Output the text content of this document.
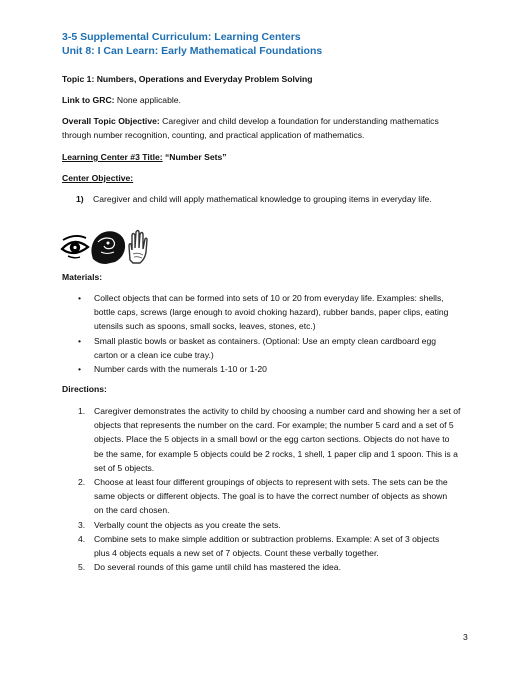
3-5 Supplemental Curriculum: Learning Centers
Unit 8: I Can Learn: Early Mathematical Foundations
Topic 1: Numbers, Operations and Everyday Problem Solving
Link to GRC: None applicable.
Overall Topic Objective: Caregiver and child develop a foundation for understanding mathematics
through number recognition, counting, and practical application of mathematics.
Learning Center #3 Title: “Number Sets”
Center Objective:
1) Caregiver and child will apply mathematical knowledge to grouping items in everyday life.
Materials:
• Collect objects that can be formed into sets of 10 or 20 from everyday life. Examples: shells,
bottle caps, screws (large enough to avoid choking hazard), rubber bands, paper clips, eating
utensils such as spoons, small socks, leaves, stones, etc.)
• Small plastic bowls or basket as containers. (Optional: Use an empty clean cardboard egg
carton or a clean ice cube tray.)
• Number cards with the numerals 1-10 or 1-20
Directions:
1. Caregiver demonstrates the activity to child by choosing a number card and showing her a set of
objects that represents the number on the card. For example; the number 5 card and a set of 5
objects. Place the 5 objects in a small bowl or the egg carton sections. Objects do not have to
be the same, for example 5 objects could be 2 rocks, 1 shell, 1 paper clip and 1 spoon. This is a
set of 5 objects.
2. Choose at least four different groupings of objects to represent with sets. The sets can be the
same objects or different objects. The goal is to have the correct number of objects as shown
on the card chosen.
3. Verbally count the objects as you create the sets.
4. Combine sets to make simple addition or subtraction problems. Example: A set of 3 objects
plus 4 objects equals a new set of 7 objects. Count these verbally together.
5. Do several rounds of this game until child has mastered the idea.
3
